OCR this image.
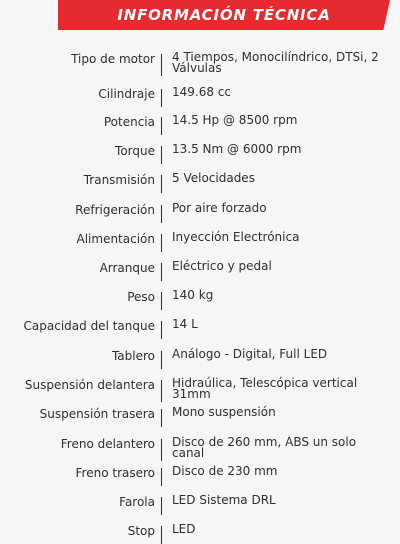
INFORMACIÓN TÉCNICA
Tipo de motor 4 Tiempos, Monocilíndrico, DTSi, 2 Válvulas
Cilindraje 149.68 cc
Potencia 14.5 Hp @ 8500 rpm
Torque 13.5 Nm @ 6000 rpm
Transmisión 5 Velocidades
Refrigeración Por aire forzado
Alimentación Inyección Electrónica
Arranque Eléctrico y pedal
Peso 140 kg
Capacidad del tanque 14 L
Tablero Análogo - Digital, Full LED
Suspensión delantera Hidraúlica, Telescópica vertical 31mm
Suspensión trasera Mono suspensión
Freno delantero Disco de 260 mm, ABS un solo canal
Freno trasero Disco de 230 mm
Farola LED Sistema DRL
Stop LED
